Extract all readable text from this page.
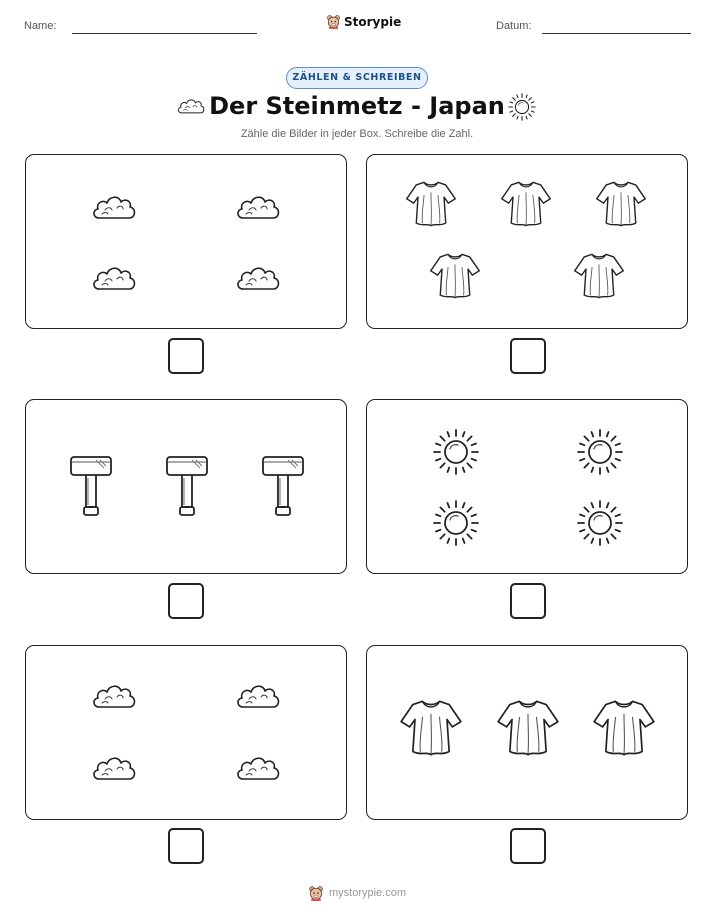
Name:	Storypie	Datum:
ZÄHLEN & SCHREIBEN
Der Steinmetz - Japan
Zähle die Bilder in jeder Box. Schreibe die Zahl.
mystorypie.com
